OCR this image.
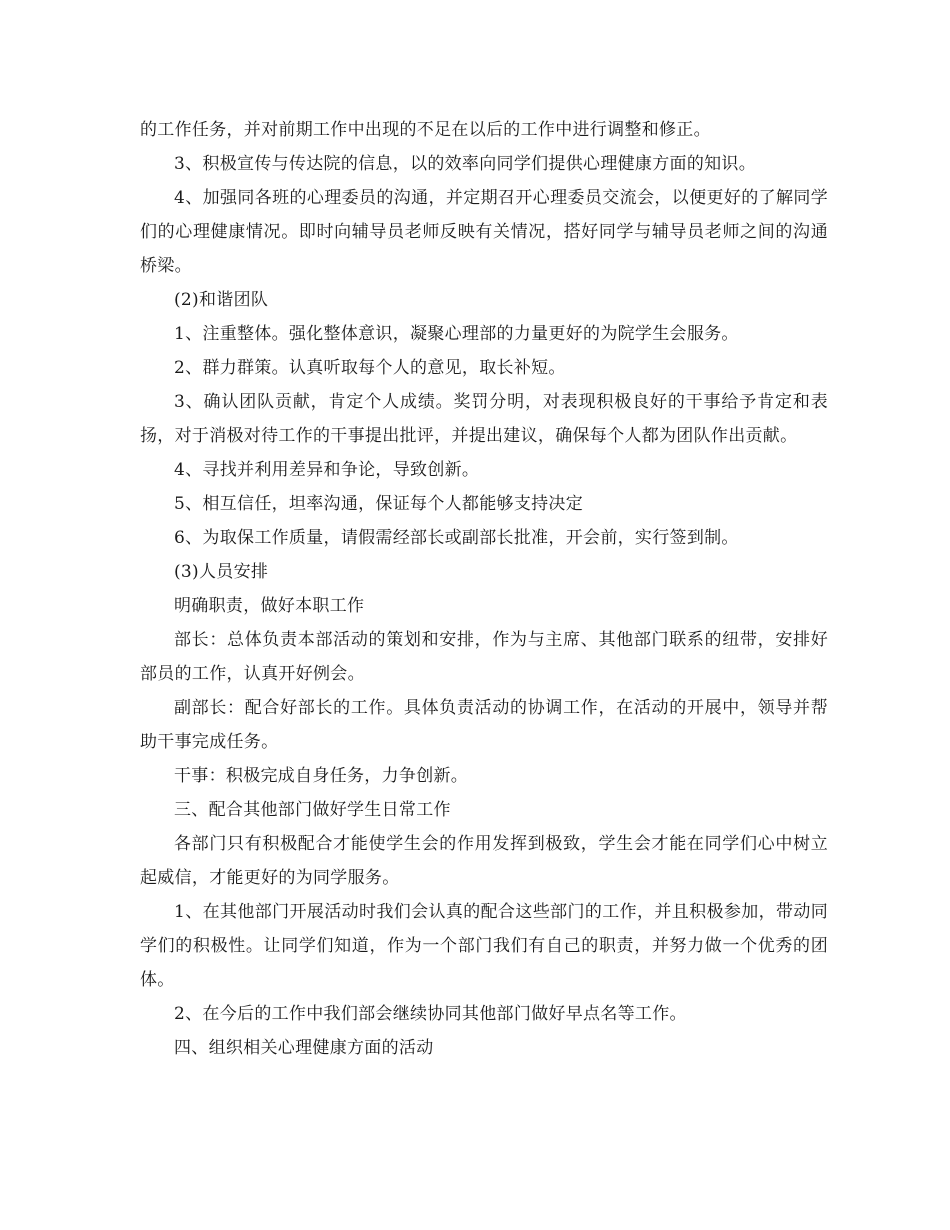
的工作任务，并对前期工作中出现的不足在以后的工作中进行调整和修正。

3、积极宣传与传达院的信息，以的效率向同学们提供心理健康方面的知识。

4、加强同各班的心理委员的沟通，并定期召开心理委员交流会，以便更好的了解同学们的心理健康情况。即时向辅导员老师反映有关情况，搭好同学与辅导员老师之间的沟通桥梁。

(2)和谐团队

1、注重整体。强化整体意识，凝聚心理部的力量更好的为院学生会服务。

2、群力群策。认真听取每个人的意见，取长补短。

3、确认团队贡献，肯定个人成绩。奖罚分明，对表现积极良好的干事给予肯定和表扬，对于消极对待工作的干事提出批评，并提出建议，确保每个人都为团队作出贡献。

4、寻找并利用差异和争论，导致创新。

5、相互信任，坦率沟通，保证每个人都能够支持决定

6、为取保工作质量，请假需经部长或副部长批准，开会前，实行签到制。

(3)人员安排

明确职责，做好本职工作

部长：总体负责本部活动的策划和安排，作为与主席、其他部门联系的纽带，安排好部员的工作，认真开好例会。

副部长：配合好部长的工作。具体负责活动的协调工作，在活动的开展中，领导并帮助干事完成任务。

干事：积极完成自身任务，力争创新。

三、配合其他部门做好学生日常工作

各部门只有积极配合才能使学生会的作用发挥到极致，学生会才能在同学们心中树立起威信，才能更好的为同学服务。

1、在其他部门开展活动时我们会认真的配合这些部门的工作，并且积极参加，带动同学们的积极性。让同学们知道，作为一个部门我们有自己的职责，并努力做一个优秀的团体。

2、在今后的工作中我们部会继续协同其他部门做好早点名等工作。

四、组织相关心理健康方面的活动
